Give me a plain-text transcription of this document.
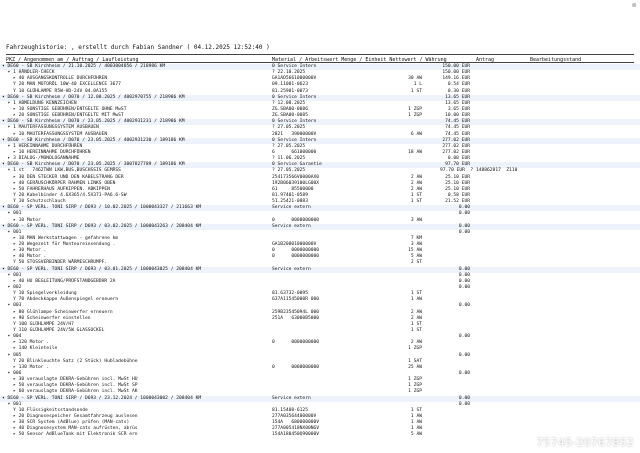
⊠
Fahrzeughistorie: , erstellt durch Fabian Sandner ( 04.12.2025 12:52:40 )
PKZ / Angenommen am / Auftrag / Laufleistung	Material / Arbeitswert Menge / Einheit Nettowert / Währung	Antrag	Bearbeitungsstand
▾ DE60 - SB Kirchheim / 21.10.2025 / 4003004856 / 218986 KM	0 Service Intern	150.00 EUR
▾ 1 HÄNDLER-CHECK	? 22.10.2025	150.00 EUR
▸ 40 AUSGANGSKONTROLLE DURCHFÜHREN	GA1AD5661000000V	30 AW	149.16 EUR
Y 20 MAN MOTORÖL 10W-40 EXCELLENCE 3677	09.11001-0623	1 L	0.54 EUR
Y 10 GLÜHLAMPE R5W-HD-24V 04.0A155	81.25901-0073	1 ST	0.30 EUR
▾ DE60 - SB Kirchheim / D070 / 12.08.2025 / 4002970755 / 218986 KM	0 Service Intern	13.65 EUR
▾ 1 ABMELDUNG KENNZEICHEN	? 12.08.2025	13.65 EUR
▸ 10 SONSTIGE GEBÜHREN/ENTGELTE OHNE MwST	ZG.SBA00-0086	1 ZGP	3.65 EUR
▸ 20 SONSTIGE GEBÜHREN/ENTGELTE MIT MwST	ZG.SBA00-0085	1 ZGP	10.00 EUR
▾ DE60 - SB Kirchheim / D070 / 23.05.2025 / 4002931231 / 218986 KM	0 Service Intern	74.45 EUR
▾ 1 MAUTERFASSUNGSSYSTEM AUSBAUEN	? 27.05.2025	74.45 EUR
▸ 10 MAUTERFASSUNGSSYSTEM AUSBAUEN	2821   39000000V	6 AW	74.45 EUR
▾ DE60 - SB Kirchheim / D070 / 23.05.2025 / 4002931230 / 189186 KM	0 Service Intern	277.02 EUR
▾ 1 HEREINNAHME DURCHFÜHREN	? 27.05.2025	277.02 EUR
▸ 10 HEREINNAHME DURCHFÜHREN	6      661000000	18 AW	277.02 EUR
▸ 3 DIALOG-/MONOLOGANNAHME	? 11.06.2025	0.00 EUR
▾ DE60 - SB Kirchheim / D070 / 23.05.2025 / 3007827789 / 189186 KM	0 Service Garantie	97.70 EUR
▾ 1 st   7462TWN LKW,BUS,BUSCHSSIS GEMÄSS	? 27.05.2025	97.70 EUR  ? 148862817  Z110
▸ 30 DEN STECKER UND DEN KABELSTRANG DER	254173566V0000AX0	2 AW	25.10 EUR
▸ 40 GERÄUSCHKÖRPER RAHMEN LINKS OBEN	192B06039100LG00X	2 AW	25.10 EUR
▸ 50 FAHRERHAUS AUFKIPPEN. ABKIPPEN	61     85500000	2 AW	25.10 EUR
Y 20 Kabelbinder 4.6X365/4.5X371-PA6.6-SW	81.97401-0589	1 ST	0.58 EUR
Y 10 Schutzschlauch	51.25421-0083	1 ST	21.52 EUR
▾ DE60 - SP VERL. TONI SIRP / D693 / 10.02.2025 / 1000043327 / 211663 KM	Service extern	0.00
▾ 001	0.00
▸ 10 Motor	0      0000000000	3 AW
▾ DE60 - SP VERL. TONI SIRP / D693 / 03.02.2025 / 1000043263 / 208404 KM	Service extern	0.00
▾ 001	0.00
▸ 10 MAN Werkstattwagen - gefahrene km	7 KM
▸ 20 Wegezeit für Monteureinsendung .	GA1B20001000000V	3 AW
▸ 30 Motor .	0      0000000000	15 AW
▸ 40 Motor .	0      0000000000	5 AW
Y 50 STOSSVERBINDER WÄRMESCHRUMPF.	2 ST
▾ DE60 - SP VERL. TONI SIRP / D693 / 03.01.2025 / 1000043025 / 208404 KM	Service extern	0.00
▾ 001	0.00
▸ 40 HU BEGLEITUNG/PRÜFSTANDGEBÜHR 2A	0.00
▾ 002	0.00
Y 10 Spiegelverkleidung	81.63732-0095	1 ST
Y 70 Abdeckkappe Außenspiegel erneuern	637A11545000R 000	1 AW
▾ 003	0.00
▸ 80 Glühlampe Scheinwerfer erneuern	259B23545094L 000	2 AW
▸ 90 Scheinwerfer einstellen	251A   63000B5000	2 AW
Y 100 GLÜHLAMPE 24V/H7	1 ST
Y 110 GLÜHLAMPE 24V/5W GLASSOCKEL	1 ST
▾ 004	0.00
▸ 120 Motor .	0      0000000000	2 AW
▸ 140 Kleinteile	1 ZGP
▾ 005	0.00
Y 20 Blinkleuchte Satz (2 Stück) Hubladebühne	1 SAT
▸ 130 Motor .	0      0000000000	25 AW
▾ 006	0.00
▸ 30 verauslagte DEKRA-Gebühren incl. MwSt HU	1 ZGP
▸ 50 verauslagte DEKRA-Gebühren incl. MwSt SP	1 ZGP
▸ 60 verauslagte DEKRA-Gebühren incl. MwSt AK	1 ZGP
▾ DE60 - SP VERL. TONI SIRP / D693 / 23.12.2024 / 1000043002 / 208404 KM	Service extern	0.00
▾ 001	0.00
Y 10 Flüssigkeitsstandsonde	81.15408-6125	1 ST
▸ 20 Diagnosespeicher Gesamtfahrzeug auslesen	277A03564400000V	1 AW
▸ 30 SCR System (AdBlue) prüfen (MAN-cats)	154A   680000000V	1 AW
▸ 40 Diagnosesystem MAN-cats aufrüsten, abrüs	277A005418NX00NGV	1 AW
▸ 50 Sensor AdBlueTank mit Elektronik SCR ern	154A180450Q90000V	5 AW
75745-20767852
